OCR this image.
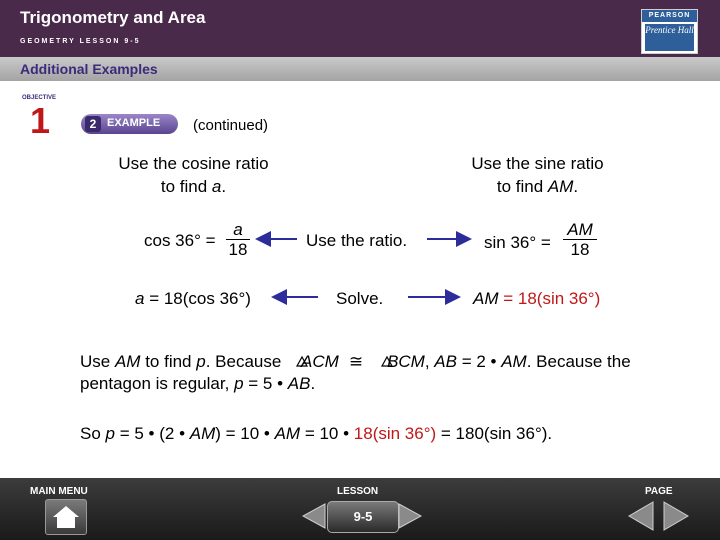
Trigonometry and Area
GEOMETRY LESSON 9-5
PEARSON
Prentice Hall
Additional Examples
OBJECTIVE
1	2 EXAMPLE (continued)
Use the cosine ratio
to find a.
$\cos 36^\circ = \frac{a}{18}$
a = 18(cos 36°)
Use the ratio.
Solve.
Use the sine ratio
to find AM.
$\sin 36^\circ = \frac{AM}{18}$
AM = 18(sin 36°)
Use AM to find p. Because ACM ≅ BCM, AB = 2 • AM. Because the
pentagon is regular, p = 5 • AB.
So p = 5 • (2 • AM) = 10 • AM = 10 • 18(sin 36°) = 180(sin 36°).
MAIN MENU	LESSON	PAGE
9-5
